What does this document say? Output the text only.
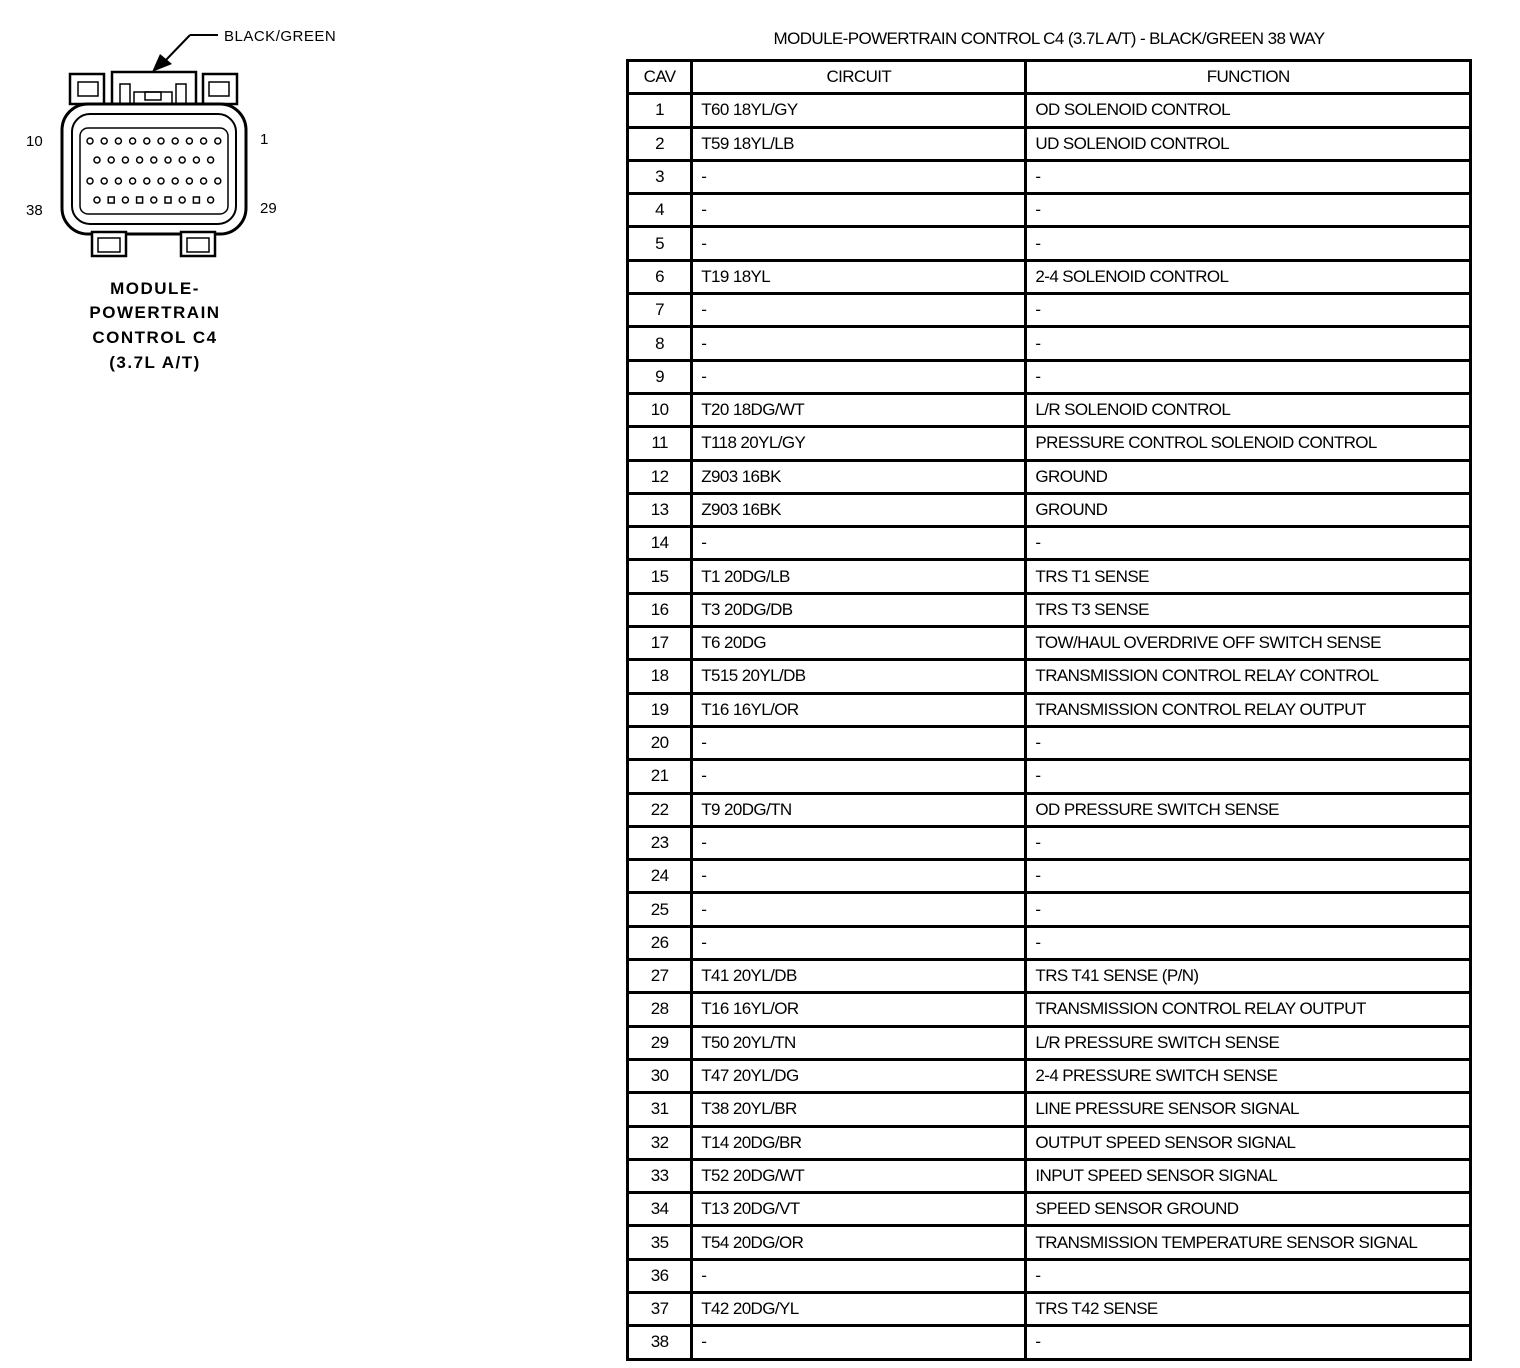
BLACK/GREEN
10	1
38	29
MODULE-
POWERTRAIN
CONTROL C4
(3.7L A/T)
MODULE-POWERTRAIN CONTROL C4 (3.7L A/T) - BLACK/GREEN 38 WAY
CAV	CIRCUIT	FUNCTION
1	T60 18YL/GY	OD SOLENOID CONTROL
2	T59 18YL/LB	UD SOLENOID CONTROL
3	-	-
4	-	-
5	-	-
6	T19 18YL	2-4 SOLENOID CONTROL
7	-	-
8	-	-
9	-	-
10	T20 18DG/WT	L/R SOLENOID CONTROL
11	T118 20YL/GY	PRESSURE CONTROL SOLENOID CONTROL
12	Z903 16BK	GROUND
13	Z903 16BK	GROUND
14	-	-
15	T1 20DG/LB	TRS T1 SENSE
16	T3 20DG/DB	TRS T3 SENSE
17	T6 20DG	TOW/HAUL OVERDRIVE OFF SWITCH SENSE
18	T515 20YL/DB	TRANSMISSION CONTROL RELAY CONTROL
19	T16 16YL/OR	TRANSMISSION CONTROL RELAY OUTPUT
20	-	-
21	-	-
22	T9 20DG/TN	OD PRESSURE SWITCH SENSE
23	-	-
24	-	-
25	-	-
26	-	-
27	T41 20YL/DB	TRS T41 SENSE (P/N)
28	T16 16YL/OR	TRANSMISSION CONTROL RELAY OUTPUT
29	T50 20YL/TN	L/R PRESSURE SWITCH SENSE
30	T47 20YL/DG	2-4 PRESSURE SWITCH SENSE
31	T38 20YL/BR	LINE PRESSURE SENSOR SIGNAL
32	T14 20DG/BR	OUTPUT SPEED SENSOR SIGNAL
33	T52 20DG/WT	INPUT SPEED SENSOR SIGNAL
34	T13 20DG/VT	SPEED SENSOR GROUND
35	T54 20DG/OR	TRANSMISSION TEMPERATURE SENSOR SIGNAL
36	-	-
37	T42 20DG/YL	TRS T42 SENSE
38	-	-
